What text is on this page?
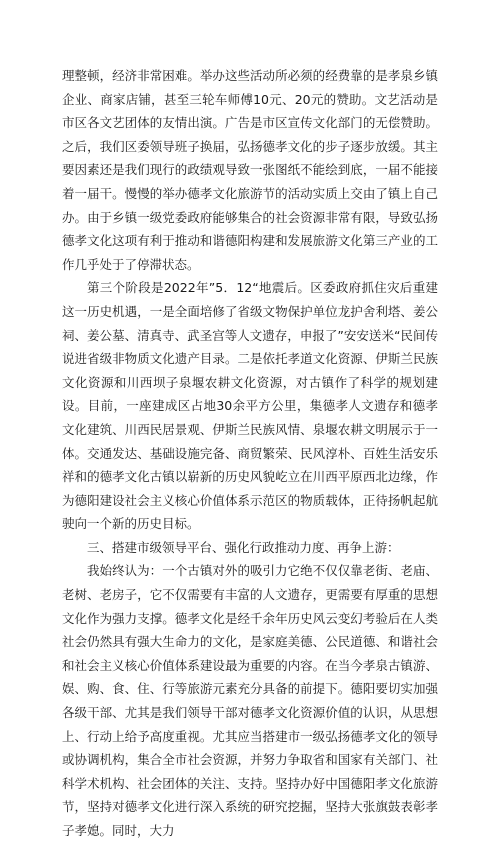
理整顿，经济非常困难。举办这些活动所必须的经费靠的是孝泉乡镇企业、商家店铺，甚至三轮车师傅10元、20元的赞助。文艺活动是市区各文艺团体的友情出演。广告是市区宣传文化部门的无偿赞助。之后，我们区委领导班子换届，弘扬德孝文化的步子逐步放缓。其主要因素还是我们现行的政绩观导致一张图纸不能绘到底，一届不能接着一届干。慢慢的举办德孝文化旅游节的活动实质上交由了镇上自己办。由于乡镇一级党委政府能够集合的社会资源非常有限，导致弘扬德孝文化这项有利于推动和谐德阳构建和发展旅游文化第三产业的工作几乎处于了停滞状态。

第三个阶段是2022年”5．12“地震后。区委政府抓住灾后重建这一历史机遇，一是全面培修了省级文物保护单位龙护舍利塔、姜公祠、姜公墓、清真寺、武圣宫等人文遗存，申报了”安安送米“民间传说进省级非物质文化遗产目录。二是依托孝道文化资源、伊斯兰民族文化资源和川西坝子泉堰农耕文化资源，对古镇作了科学的规划建设。目前，一座建成区占地30余平方公里，集德孝人文遗存和德孝文化建筑、川西民居景观、伊斯兰民族风情、泉堰农耕文明展示于一体。交通发达、基础设施完备、商贸繁荣、民风淳朴、百姓生活安乐祥和的德孝文化古镇以崭新的历史风貌屹立在川西平原西北边缘，作为德阳建设社会主义核心价值体系示范区的物质载体，正待扬帆起航驶向一个新的历史目标。

三、搭建市级领导平台、强化行政推动力度、再争上游：

我始终认为：一个古镇对外的吸引力它绝不仅仅靠老街、老庙、老树、老房子，它不仅需要有丰富的人文遗存，更需要有厚重的思想文化作为强力支撑。德孝文化是经千余年历史风云变幻考验后在人类社会仍然具有强大生命力的文化，是家庭美德、公民道德、和谐社会和社会主义核心价值体系建设最为重要的内容。在当今孝泉古镇游、娱、购、食、住、行等旅游元素充分具备的前提下。德阳要切实加强各级干部、尤其是我们领导干部对德孝文化资源价值的认识，从思想上、行动上给予高度重视。尤其应当搭建市一级弘扬德孝文化的领导或协调机构，集合全市社会资源，并努力争取省和国家有关部门、社科学术机构、社会团体的关注、支持。坚持办好中国德阳孝文化旅游节，坚持对德孝文化进行深入系统的研究挖掘，坚持大张旗鼓表彰孝子孝媳。同时，大力
